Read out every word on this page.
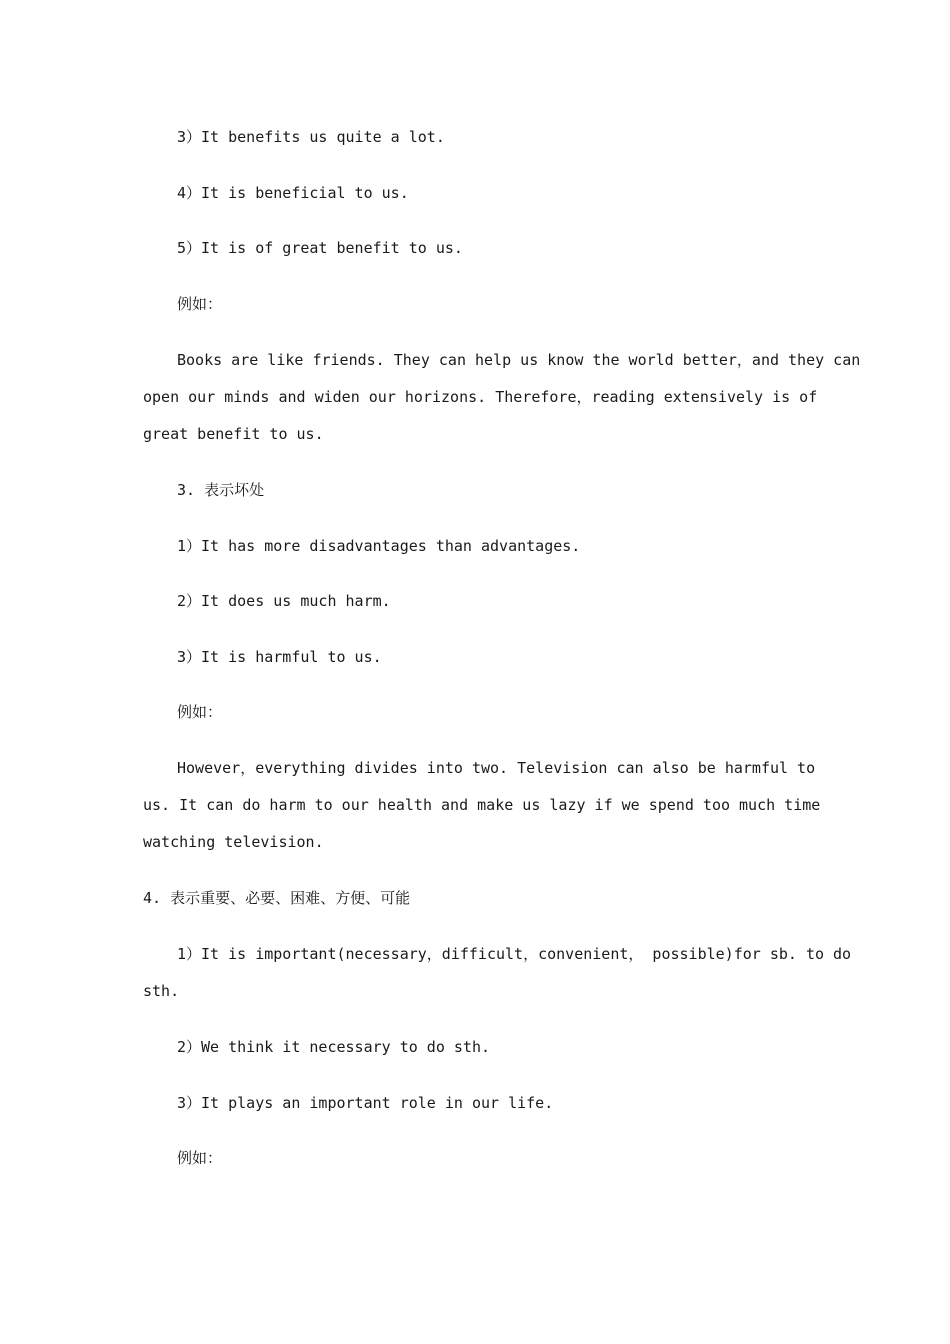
3）It benefits us quite a lot.

4）It is beneficial to us.

5）It is of great benefit to us.

例如：

Books are like friends. They can help us know the world better，and they can

open our minds and widen our horizons. Therefore，reading extensively is of

great benefit to us.

3. 表示坏处

1）It has more disadvantages than advantages.

2）It does us much harm.

3）It is harmful to us.

例如：

However，everything divides into two. Television can also be harmful to

us. It can do harm to our health and make us lazy if we spend too much time

watching television.

4. 表示重要、必要、困难、方便、可能

1）It is important(necessary，difficult，convenient， possible)for sb. to do

sth.

2）We think it necessary to do sth.

3）It plays an important role in our life.

例如：
